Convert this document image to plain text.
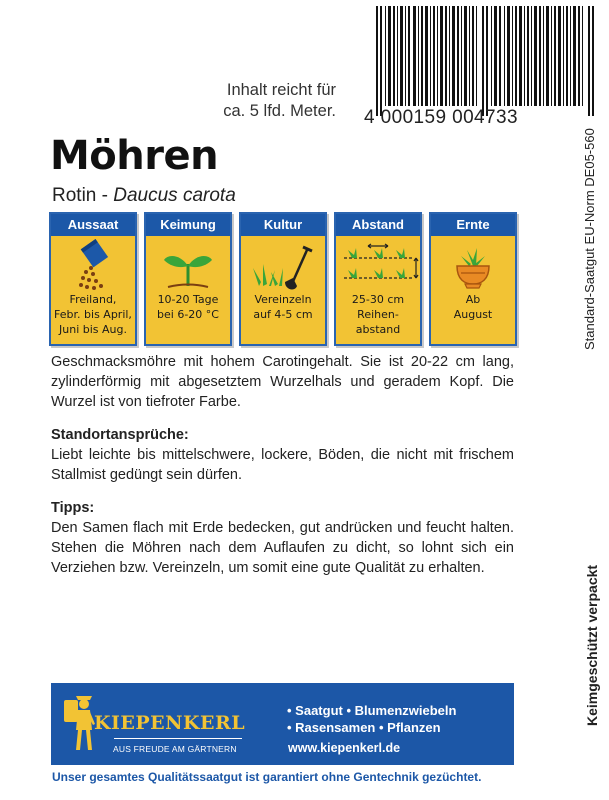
4 000159 004733
Inhalt reicht für
ca. 5 lfd. Meter.
Möhren
Rotin - Daucus carota
Aussaat
Freiland,
Febr. bis April,
Juni bis Aug.
Keimung
10-20 Tage
bei 6-20 °C
Kultur
Vereinzeln
auf 4-5 cm
Abstand
25-30 cm
Reihen-
abstand
Ernte
Ab
August

Geschmacksmöhre mit hohem Carotingehalt. Sie ist 20-22 cm lang, zylinderförmig mit abgesetztem Wurzelhals und geradem Kopf. Die Wurzel ist von tiefroter Farbe.

Standortansprüche:

Liebt leichte bis mittelschwere, lockere, Böden, die nicht mit frischem Stallmist gedüngt sein dürfen.

Tipps:

Den Samen flach mit Erde bedecken, gut andrücken und feucht halten. Stehen die Möhren nach dem Auflaufen zu dicht, so lohnt sich ein Verziehen bzw. Vereinzeln, um somit eine gute Qualität zu erhalten.

Standard-Saatgut EU-Norm DE05-560
Keimgeschützt verpackt
KIEPENKERL
AUS FREUDE AM GÄRTNERN
• Saatgut • Blumenzwiebeln
• Rasensamen • Pflanzen
www.kiepenkerl.de
Unser gesamtes Qualitätssaatgut ist garantiert ohne Gentechnik gezüchtet.
